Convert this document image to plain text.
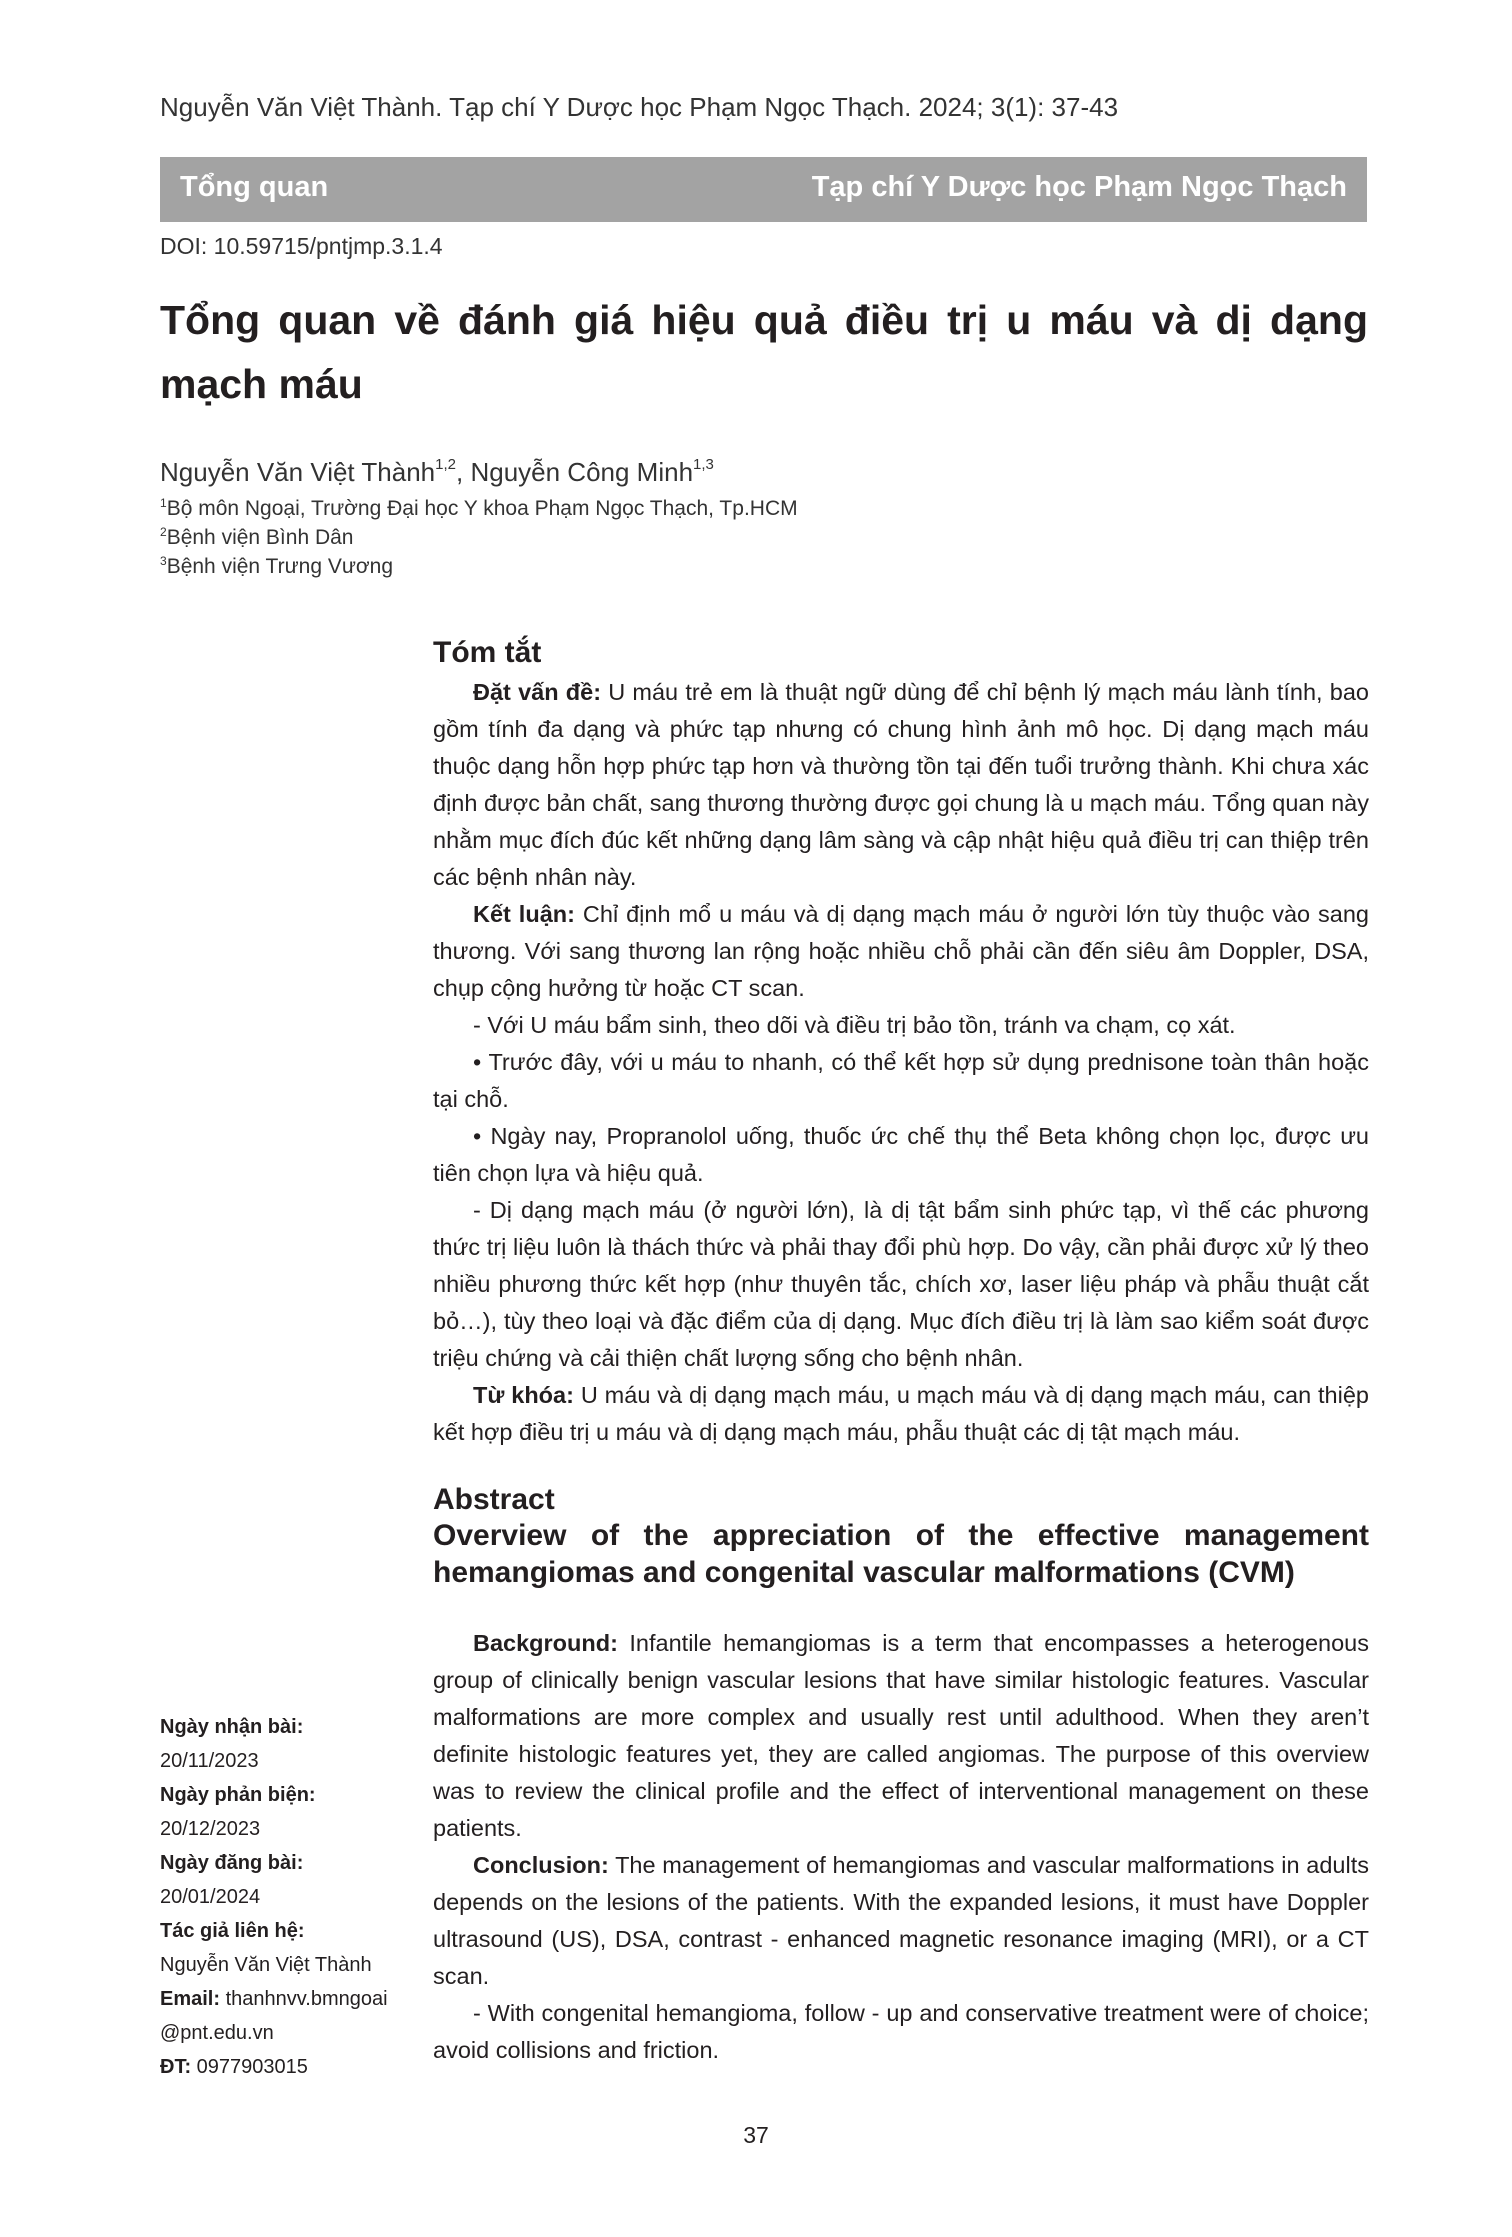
Nguyễn Văn Việt Thành. Tạp chí Y Dược học Phạm Ngọc Thạch. 2024; 3(1): 37-43
Tổng quan	Tạp chí Y Dược học Phạm Ngọc Thạch
DOI: 10.59715/pntjmp.3.1.4
Tổng quan về đánh giá hiệu quả điều trị u máu và dị dạng mạch máu
Nguyễn Văn Việt Thành$^{1,2}$, Nguyễn Công Minh$^{1,3}$
$^1$Bộ môn Ngoại, Trường Đại học Y khoa Phạm Ngọc Thạch, Tp.HCM
$^2$Bệnh viện Bình Dân
$^3$Bệnh viện Trưng Vương
Tóm tắt

Đặt vấn đề: U máu trẻ em là thuật ngữ dùng để chỉ bệnh lý mạch máu lành tính, bao gồm tính đa dạng và phức tạp nhưng có chung hình ảnh mô học. Dị dạng mạch máu thuộc dạng hỗn hợp phức tạp hơn và thường tồn tại đến tuổi trưởng thành. Khi chưa xác định được bản chất, sang thương thường được gọi chung là u mạch máu. Tổng quan này nhằm mục đích đúc kết những dạng lâm sàng và cập nhật hiệu quả điều trị can thiệp trên các bệnh nhân này.

Kết luận: Chỉ định mổ u máu và dị dạng mạch máu ở người lớn tùy thuộc vào sang thương. Với sang thương lan rộng hoặc nhiều chỗ phải cần đến siêu âm Doppler, DSA, chụp cộng hưởng từ hoặc CT scan.

- Với U máu bẩm sinh, theo dõi và điều trị bảo tồn, tránh va chạm, cọ xát.

• Trước đây, với u máu to nhanh, có thể kết hợp sử dụng prednisone toàn thân hoặc tại chỗ.

• Ngày nay, Propranolol uống, thuốc ức chế thụ thể Beta không chọn lọc, được ưu tiên chọn lựa và hiệu quả.

- Dị dạng mạch máu (ở người lớn), là dị tật bẩm sinh phức tạp, vì thế các phương thức trị liệu luôn là thách thức và phải thay đổi phù hợp. Do vậy, cần phải được xử lý theo nhiều phương thức kết hợp (như thuyên tắc, chích xơ, laser liệu pháp và phẫu thuật cắt bỏ…), tùy theo loại và đặc điểm của dị dạng. Mục đích điều trị là làm sao kiểm soát được triệu chứng và cải thiện chất lượng sống cho bệnh nhân.

Từ khóa: U máu và dị dạng mạch máu, u mạch máu và dị dạng mạch máu, can thiệp kết hợp điều trị u máu và dị dạng mạch máu, phẫu thuật các dị tật mạch máu.

Abstract
Overview of the appreciation of the effective management hemangiomas and congenital vascular malformations (CVM)

Background: Infantile hemangiomas is a term that encompasses a heterogenous group of clinically benign vascular lesions that have similar histologic features. Vascular malformations are more complex and usually rest until adulthood. When they aren’t definite histologic features yet, they are called angiomas. The purpose of this overview was to review the clinical profile and the effect of interventional management on these patients.

Conclusion: The management of hemangiomas and vascular malformations in adults depends on the lesions of the patients. With the expanded lesions, it must have Doppler ultrasound (US), DSA, contrast - enhanced magnetic resonance imaging (MRI), or a CT scan.

- With congenital hemangioma, follow - up and conservative treatment were of choice; avoid collisions and friction.

Ngày nhận bài:
20/11/2023
Ngày phản biện:
20/12/2023
Ngày đăng bài:
20/01/2024
Tác giả liên hệ:
Nguyễn Văn Việt Thành
Email: thanhnvv.bmngoai
@pnt.edu.vn
ĐT: 0977903015
37
